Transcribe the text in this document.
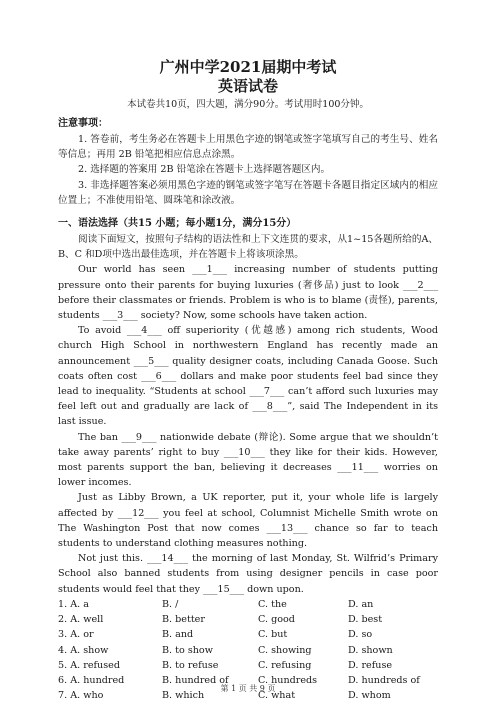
广州中学2021届期中考试
英语试卷
本试卷共10页，四大题，满分90分。考试用时100分钟。
注意事项：

1. 答卷前，考生务必在答题卡上用黑色字迹的钢笔或签字笔填写自己的考生号、姓名等信息；再用 2B 铅笔把相应信息点涂黑。

2. 选择题的答案用 2B 铅笔涂在答题卡上选择题答题区内。

3. 非选择题答案必须用黑色字迹的钢笔或签字笔写在答题卡各题目指定区域内的相应位置上；不准使用铅笔、圆珠笔和涂改液。

一、语法选择（共15 小题；每小题1分，满分15分）

阅读下面短文，按照句子结构的语法性和上下文连贯的要求，从1~15各题所给的A、B、C 和D项中选出最佳选项，并在答题卡上将该项涂黑。

Our world has seen ___1___ increasing number of students putting pressure onto their parents for buying luxuries (奢侈品) just to look ___2___ before their classmates or friends. Problem is who is to blame (责怪), parents, students ___3___ society? Now, some schools have taken action.

To avoid ___4___ off superiority (优越感) among rich students, Wood church High School in northwestern England has recently made an announcement ___5___ quality designer coats, including Canada Goose. Such coats often cost ___6___ dollars and make poor students feel bad since they lead to inequality. “Students at school ___7___ can’t afford such luxuries may feel left out and gradually are lack of ___8___”, said The Independent in its last issue.

The ban ___9___ nationwide debate (辩论). Some argue that we shouldn’t take away parents’ right to buy ___10___ they like for their kids. However, most parents support the ban, believing it decreases ___11___ worries on lower incomes.

Just as Libby Brown, a UK reporter, put it, your whole life is largely affected by ___12___ you feel at school, Columnist Michelle Smith wrote on The Washington Post that now comes ___13___ chance so far to teach students to understand clothing measures nothing.

Not just this. ___14___ the morning of last Monday, St. Wilfrid’s Primary School also banned students from using designer pencils in case poor students would feel that they ___15___ down upon.

1. A. a	B. /	C. the	D. an
2. A. well	B. better	C. good	D. best
3. A. or	B. and	C. but	D. so
4. A. show	B. to show	C. showing	D. shown
5. A. refused	B. to refuse	C. refusing	D. refuse
6. A. hundred	B. hundred of	C. hundreds	D. hundreds of
7. A. who	B. which	C. what	D. whom
第 1 页 共 9 页
